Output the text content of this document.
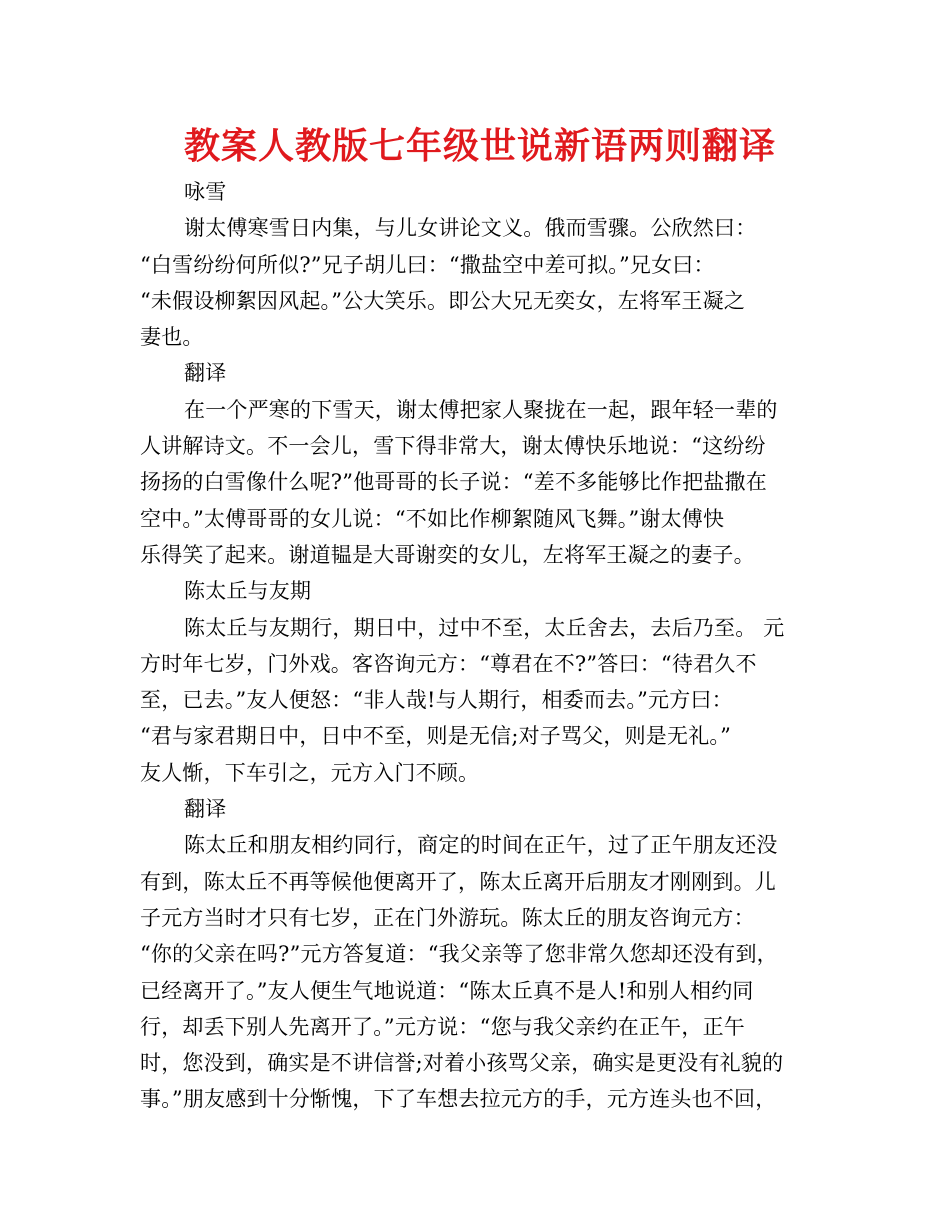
教案人教版七年级世说新语两则翻译
咏雪
谢太傅寒雪日内集，与儿女讲论文义。俄而雪骤。公欣然曰：
“白雪纷纷何所似?”兄子胡儿曰：“撒盐空中差可拟。”兄女曰：
“未假设柳絮因风起。”公大笑乐。即公大兄无奕女，左将军王凝之
妻也。
翻译
在一个严寒的下雪天，谢太傅把家人聚拢在一起，跟年轻一辈的
人讲解诗文。不一会儿，雪下得非常大，谢太傅快乐地说：“这纷纷
扬扬的白雪像什么呢?”他哥哥的长子说：“差不多能够比作把盐撒在
空中。”太傅哥哥的女儿说：“不如比作柳絮随风飞舞。”谢太傅快
乐得笑了起来。谢道韫是大哥谢奕的女儿，左将军王凝之的妻子。
陈太丘与友期
陈太丘与友期行，期日中，过中不至，太丘舍去，去后乃至。 元
方时年七岁，门外戏。客咨询元方：“尊君在不?”答曰：“待君久不
至，已去。”友人便怒：“非人哉!与人期行，相委而去。”元方曰：
“君与家君期日中，日中不至，则是无信;对子骂父，则是无礼。”
友人惭，下车引之，元方入门不顾。
翻译
陈太丘和朋友相约同行，商定的时间在正午，过了正午朋友还没
有到，陈太丘不再等候他便离开了，陈太丘离开后朋友才刚刚到。儿
子元方当时才只有七岁，正在门外游玩。陈太丘的朋友咨询元方：
“你的父亲在吗?”元方答复道：“我父亲等了您非常久您却还没有到，
已经离开了。”友人便生气地说道：“陈太丘真不是人!和别人相约同
行，却丢下别人先离开了。”元方说：“您与我父亲约在正午，正午
时，您没到，确实是不讲信誉;对着小孩骂父亲，确实是更没有礼貌的
事。”朋友感到十分惭愧，下了车想去拉元方的手，元方连头也不回，
